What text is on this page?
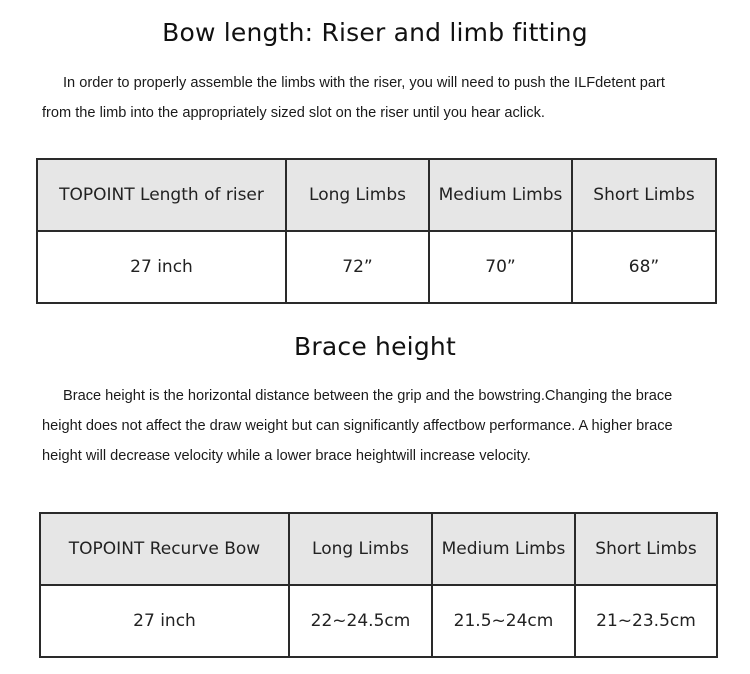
Bow length: Riser and limb fitting

In order to properly assemble the limbs with the riser, you will need to push the ILFdetent part
from the limb into the appropriately sized slot on the riser until you hear aclick.

TOPOINT Length of riser	Long Limbs	Medium Limbs	Short Limbs
27 inch	72”	70”	68”
Brace height

Brace height is the horizontal distance between the grip and the bowstring.Changing the brace
height does not affect the draw weight but can significantly affectbow performance. A higher brace
height will decrease velocity while a lower brace heightwill increase velocity.

TOPOINT Recurve Bow	Long Limbs	Medium Limbs	Short Limbs
27 inch	22~24.5cm	21.5~24cm	21~23.5cm
